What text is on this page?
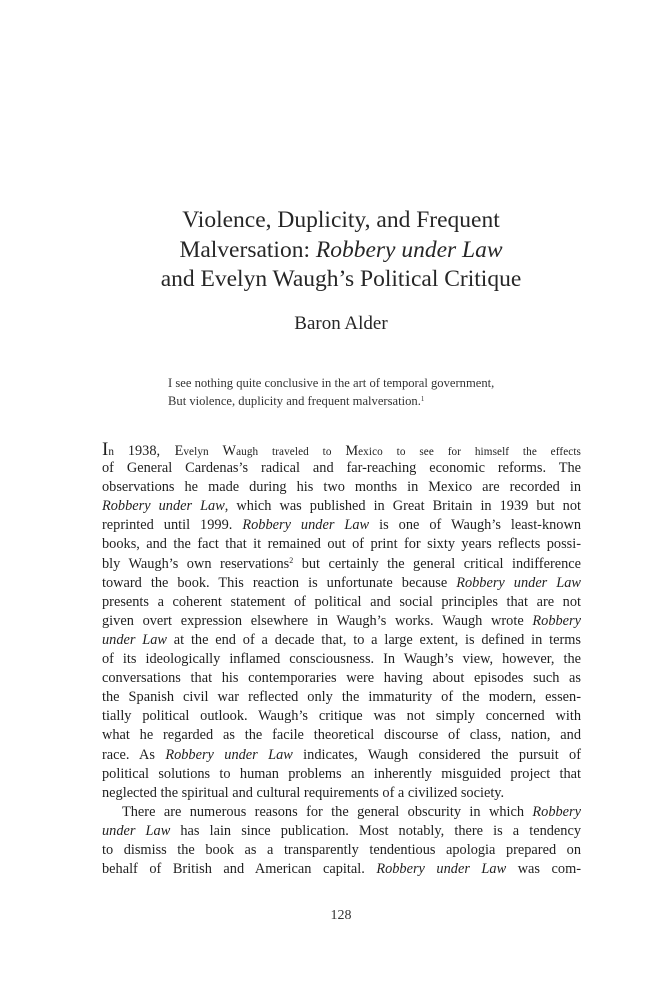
Violence, Duplicity, and Frequent
Malversation: Robbery under Law
and Evelyn Waugh’s Political Critique
Baron Alder
I see nothing quite conclusive in the art of temporal government,
But violence, duplicity and frequent malversation.$^1$
In 1938, Evelyn Waugh traveled to Mexico to see for himself the effects
of General Cardenas’s radical and far-reaching economic reforms. The
observations he made during his two months in Mexico are recorded in
Robbery under Law, which was published in Great Britain in 1939 but not
reprinted until 1999. Robbery under Law is one of Waugh’s least-known
books, and the fact that it remained out of print for sixty years reflects possi-
bly Waugh’s own reservations$^2$ but certainly the general critical indifference
toward the book. This reaction is unfortunate because Robbery under Law
presents a coherent statement of political and social principles that are not
given overt expression elsewhere in Waugh’s works. Waugh wrote Robbery
under Law at the end of a decade that, to a large extent, is defined in terms
of its ideologically inflamed consciousness. In Waugh’s view, however, the
conversations that his contemporaries were having about episodes such as
the Spanish civil war reflected only the immaturity of the modern, essen-
tially political outlook. Waugh’s critique was not simply concerned with
what he regarded as the facile theoretical discourse of class, nation, and
race. As Robbery under Law indicates, Waugh considered the pursuit of
political solutions to human problems an inherently misguided project that
neglected the spiritual and cultural requirements of a civilized society.
There are numerous reasons for the general obscurity in which Robbery
under Law has lain since publication. Most notably, there is a tendency
to dismiss the book as a transparently tendentious apologia prepared on
behalf of British and American capital. Robbery under Law was com-
128
